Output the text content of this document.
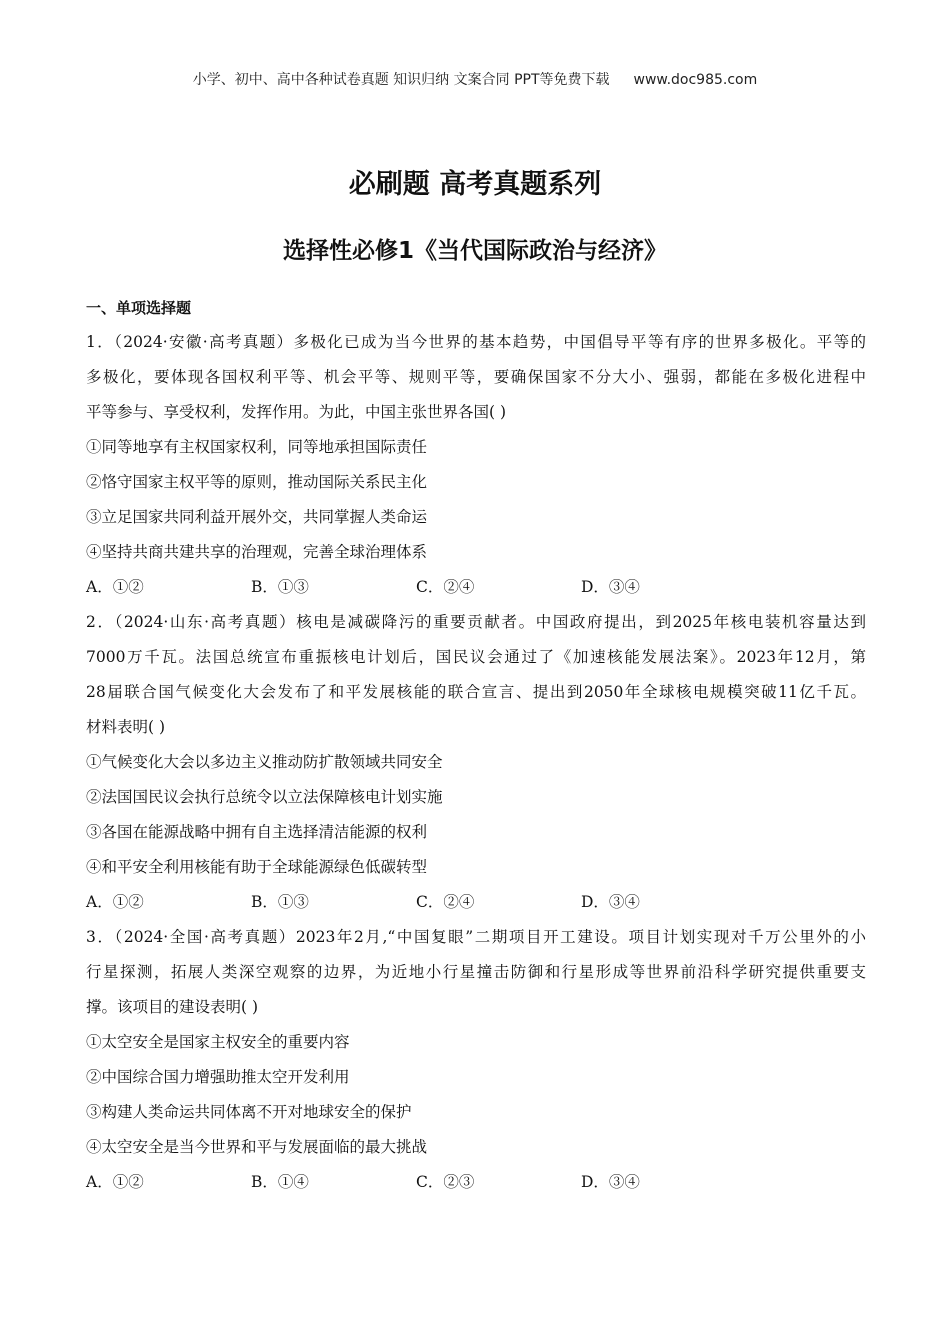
小学、初中、高中各种试卷真题 知识归纳 文案合同 PPT等免费下载 www.doc985.com
必刷题 高考真题系列
选择性必修1《当代国际政治与经济》
一、单项选择题
1．（2024·安徽·高考真题）多极化已成为当今世界的基本趋势，中国倡导平等有序的世界多极化。平等的
多极化，要体现各国权利平等、机会平等、规则平等，要确保国家不分大小、强弱，都能在多极化进程中
平等参与、享受权利，发挥作用。为此，中国主张世界各国( )
①同等地享有主权国家权利，同等地承担国际责任
②恪守国家主权平等的原则，推动国际关系民主化
③立足国家共同利益开展外交，共同掌握人类命运
④坚持共商共建共享的治理观，完善全球治理体系
A．①②	B．①③	C．②④	D．③④
2．（2024·山东·高考真题）核电是减碳降污的重要贡献者。中国政府提出，到2025年核电装机容量达到
7000万千瓦。法国总统宣布重振核电计划后，国民议会通过了《加速核能发展法案》。2023年12月，第
28届联合国气候变化大会发布了和平发展核能的联合宣言、提出到2050年全球核电规模突破11亿千瓦。
材料表明( )
①气候变化大会以多边主义推动防扩散领域共同安全
②法国国民议会执行总统令以立法保障核电计划实施
③各国在能源战略中拥有自主选择清洁能源的权利
④和平安全利用核能有助于全球能源绿色低碳转型
A．①②	B．①③	C．②④	D．③④
3．（2024·全国·高考真题）2023年2月,“中国复眼”二期项目开工建设。项目计划实现对千万公里外的小
行星探测，拓展人类深空观察的边界，为近地小行星撞击防御和行星形成等世界前沿科学研究提供重要支
撑。该项目的建设表明( )
①太空安全是国家主权安全的重要内容
②中国综合国力增强助推太空开发利用
③构建人类命运共同体离不开对地球安全的保护
④太空安全是当今世界和平与发展面临的最大挑战
A．①②	B．①④	C．②③	D．③④
